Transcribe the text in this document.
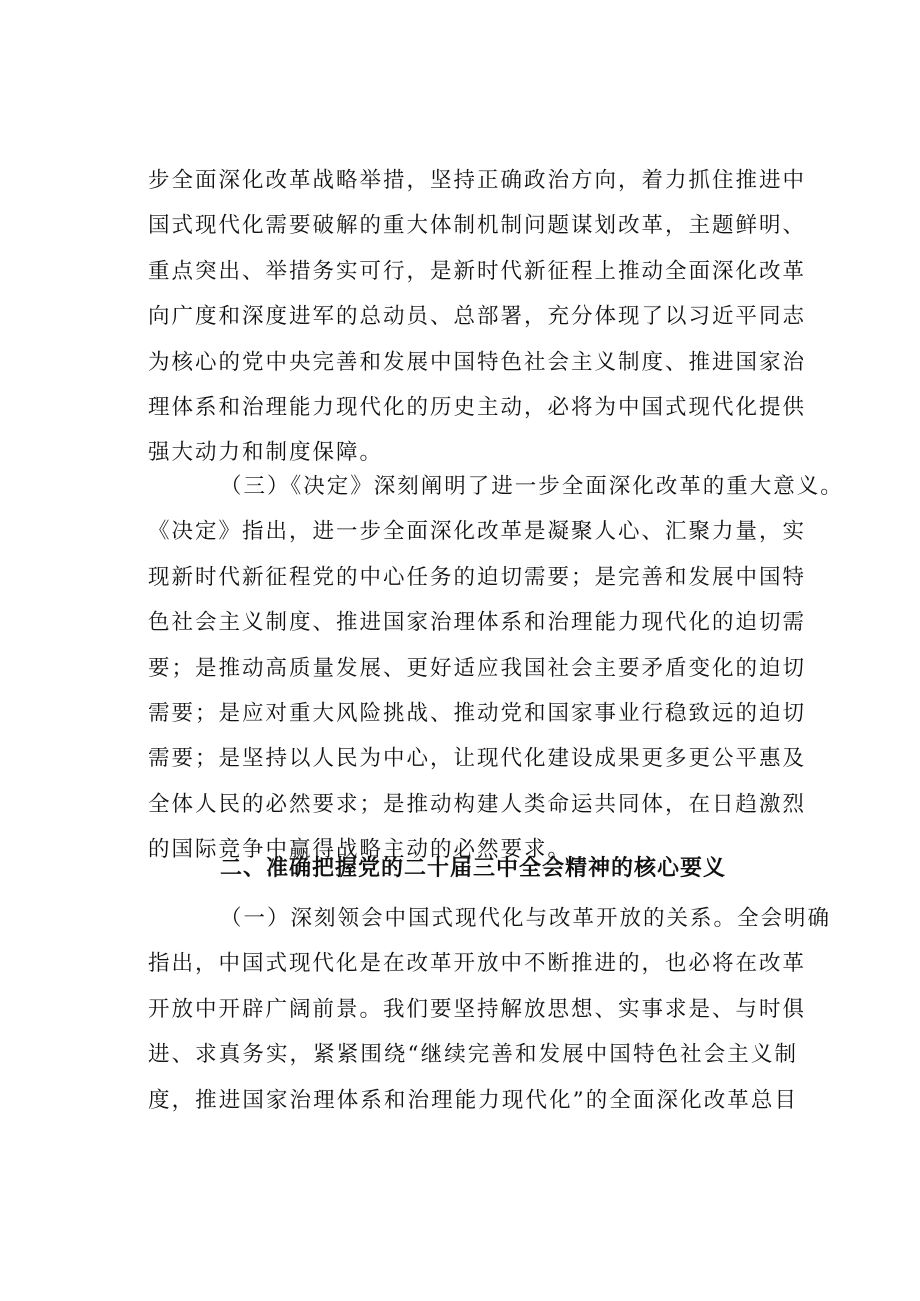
步全面深化改革战略举措，坚持正确政治方向，着力抓住推进中
国式现代化需要破解的重大体制机制问题谋划改革，主题鲜明、
重点突出、举措务实可行，是新时代新征程上推动全面深化改革
向广度和深度进军的总动员、总部署，充分体现了以习近平同志
为核心的党中央完善和发展中国特色社会主义制度、推进国家治
理体系和治理能力现代化的历史主动，必将为中国式现代化提供
强大动力和制度保障。
（三）《决定》深刻阐明了进一步全面深化改革的重大意义。
《决定》指出，进一步全面深化改革是凝聚人心、汇聚力量，实
现新时代新征程党的中心任务的迫切需要；是完善和发展中国特
色社会主义制度、推进国家治理体系和治理能力现代化的迫切需
要；是推动高质量发展、更好适应我国社会主要矛盾变化的迫切
需要；是应对重大风险挑战、推动党和国家事业行稳致远的迫切
需要；是坚持以人民为中心，让现代化建设成果更多更公平惠及
全体人民的必然要求；是推动构建人类命运共同体，在日趋激烈
的国际竞争中赢得战略主动的必然要求。
二、准确把握党的二十届三中全会精神的核心要义
（一）深刻领会中国式现代化与改革开放的关系。全会明确
指出，中国式现代化是在改革开放中不断推进的，也必将在改革
开放中开辟广阔前景。我们要坚持解放思想、实事求是、与时俱
进、求真务实，紧紧围绕“继续完善和发展中国特色社会主义制
度，推进国家治理体系和治理能力现代化”的全面深化改革总目
